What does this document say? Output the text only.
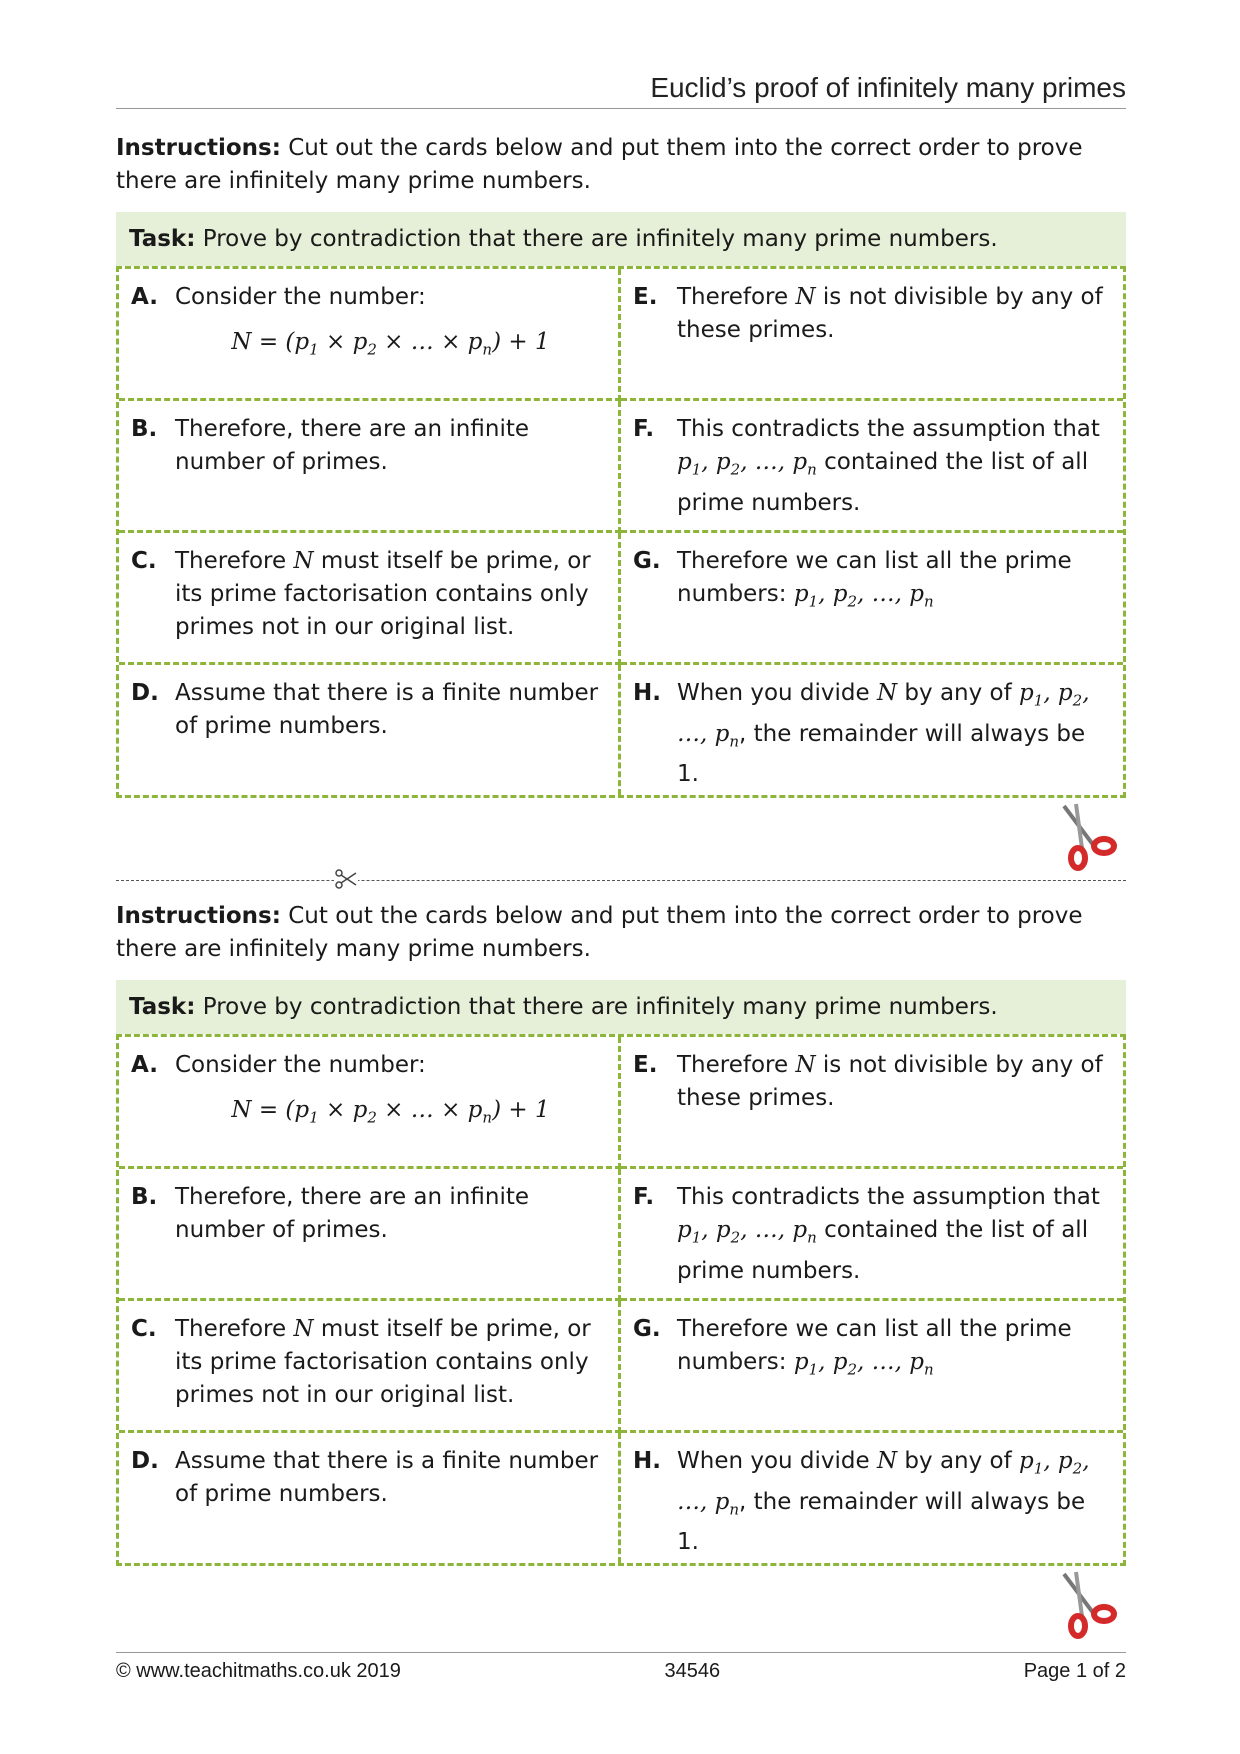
Euclid’s proof of infinitely many primes

Instructions: Cut out the cards below and put them into the correct order to prove there are infinitely many prime numbers.

Task: Prove by contradiction that there are infinitely many prime numbers.
A. Consider the number:
$N = (p_1 \times p_2$ × … × $p_n) + 1$
E. Therefore N is not divisible by any of these primes.
B. Therefore, there are an infinite number of primes.
F. This contradicts the assumption that $p_1$, $p_2$, …, $p_n$ contained the list of all prime numbers.
C. Therefore N must itself be prime, or its prime factorisation contains only primes not in our original list.
G. Therefore we can list all the prime numbers: $p_1$, $p_2$, …, $p_n$
D. Assume that there is a finite number of prime numbers.
H. When you divide N by any of $p_1$, $p_2$, …, $p_n$, the remainder will always be 1.

Instructions: Cut out the cards below and put them into the correct order to prove there are infinitely many prime numbers.

Task: Prove by contradiction that there are infinitely many prime numbers.
A. Consider the number:
$N = (p_1 \times p_2$ × … × $p_n) + 1$
E. Therefore N is not divisible by any of these primes.
B. Therefore, there are an infinite number of primes.
F. This contradicts the assumption that $p_1$, $p_2$, …, $p_n$ contained the list of all prime numbers.
C. Therefore N must itself be prime, or its prime factorisation contains only primes not in our original list.
G. Therefore we can list all the prime numbers: $p_1$, $p_2$, …, $p_n$
D. Assume that there is a finite number of prime numbers.
H. When you divide N by any of $p_1$, $p_2$, …, $p_n$, the remainder will always be 1.
© www.teachitmaths.co.uk 2019	34546	Page 1 of 2
